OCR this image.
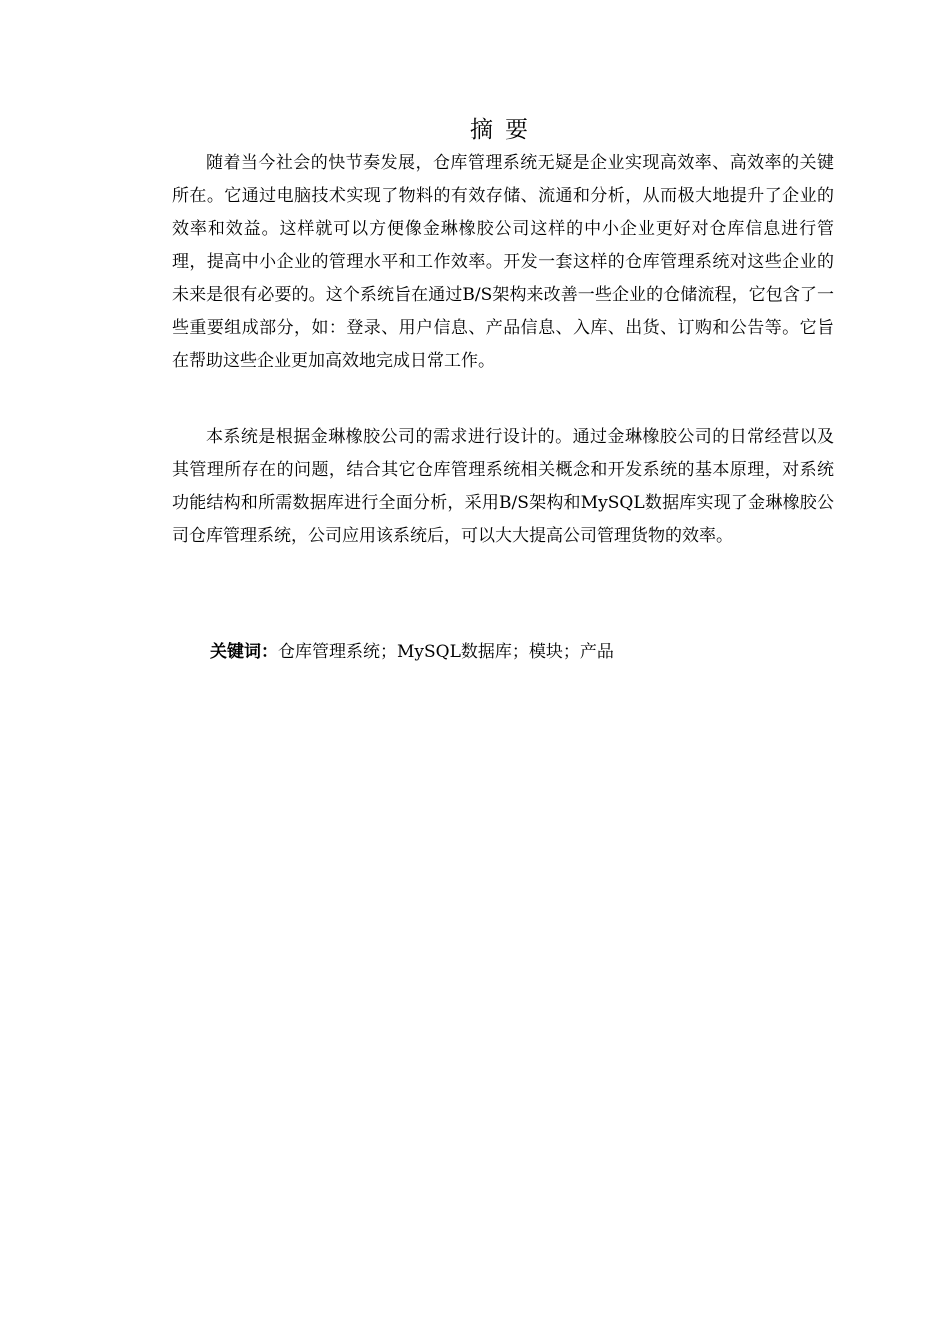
摘要

随着当今社会的快节奏发展，仓库管理系统无疑是企业实现高效率、高效率的关键所在。它通过电脑技术实现了物料的有效存储、流通和分析，从而极大地提升了企业的效率和效益。这样就可以方便像金琳橡胶公司这样的中小企业更好对仓库信息进行管理，提高中小企业的管理水平和工作效率。开发一套这样的仓库管理系统对这些企业的未来是很有必要的。这个系统旨在通过B/S架构来改善一些企业的仓储流程，它包含了一些重要组成部分，如：登录、用户信息、产品信息、入库、出货、订购和公告等。它旨在帮助这些企业更加高效地完成日常工作。

本系统是根据金琳橡胶公司的需求进行设计的。通过金琳橡胶公司的日常经营以及其管理所存在的问题，结合其它仓库管理系统相关概念和开发系统的基本原理，对系统功能结构和所需数据库进行全面分析，采用B/S架构和MySQL数据库实现了金琳橡胶公司仓库管理系统，公司应用该系统后，可以大大提高公司管理货物的效率。

关键词：仓库管理系统；MySQL数据库；模块；产品
